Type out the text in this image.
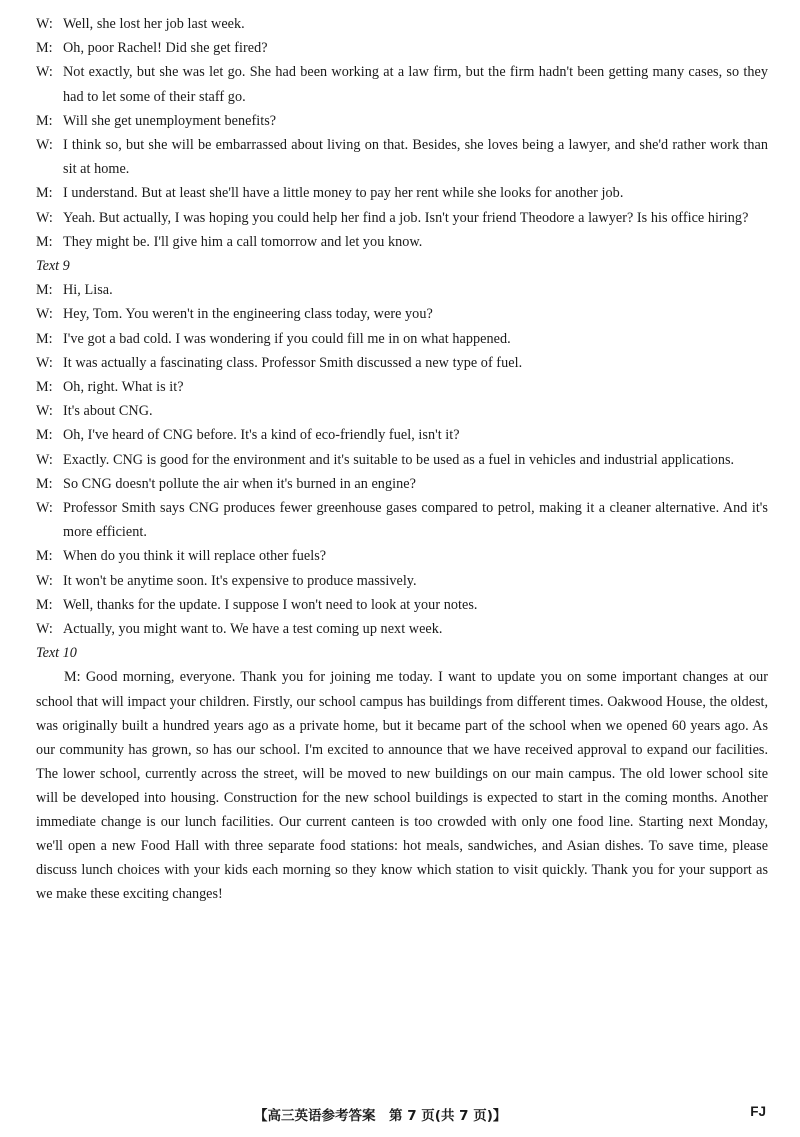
W: Well, she lost her job last week.
M: Oh, poor Rachel! Did she get fired?
W: Not exactly, but she was let go. She had been working at a law firm, but the firm hadn't been getting many cases, so they had to let some of their staff go.
M: Will she get unemployment benefits?
W: I think so, but she will be embarrassed about living on that. Besides, she loves being a lawyer, and she'd rather work than sit at home.
M: I understand. But at least she'll have a little money to pay her rent while she looks for another job.
W: Yeah. But actually, I was hoping you could help her find a job. Isn't your friend Theodore a lawyer? Is his office hiring?
M: They might be. I'll give him a call tomorrow and let you know.
Text 9
M: Hi, Lisa.
W: Hey, Tom. You weren't in the engineering class today, were you?
M: I've got a bad cold. I was wondering if you could fill me in on what happened.
W: It was actually a fascinating class. Professor Smith discussed a new type of fuel.
M: Oh, right. What is it?
W: It's about CNG.
M: Oh, I've heard of CNG before. It's a kind of eco-friendly fuel, isn't it?
W: Exactly. CNG is good for the environment and it's suitable to be used as a fuel in vehicles and industrial applications.
M: So CNG doesn't pollute the air when it's burned in an engine?
W: Professor Smith says CNG produces fewer greenhouse gases compared to petrol, making it a cleaner alternative. And it's more efficient.
M: When do you think it will replace other fuels?
W: It won't be anytime soon. It's expensive to produce massively.
M: Well, thanks for the update. I suppose I won't need to look at your notes.
W: Actually, you might want to. We have a test coming up next week.
Text 10

M: Good morning, everyone. Thank you for joining me today. I want to update you on some important changes at our school that will impact your children. Firstly, our school campus has buildings from different times. Oakwood House, the oldest, was originally built a hundred years ago as a private home, but it became part of the school when we opened 60 years ago. As our community has grown, so has our school. I'm excited to announce that we have received approval to expand our facilities. The lower school, currently across the street, will be moved to new buildings on our main campus. The old lower school site will be developed into housing. Construction for the new school buildings is expected to start in the coming months. Another immediate change is our lunch facilities. Our current canteen is too crowded with only one food line. Starting next Monday, we'll open a new Food Hall with three separate food stations: hot meals, sandwiches, and Asian dishes. To save time, please discuss lunch choices with your kids each morning so they know which station to visit quickly. Thank you for your support as we make these exciting changes!

【高三英语参考答案　第 7 页(共 7 页)】	FJ
